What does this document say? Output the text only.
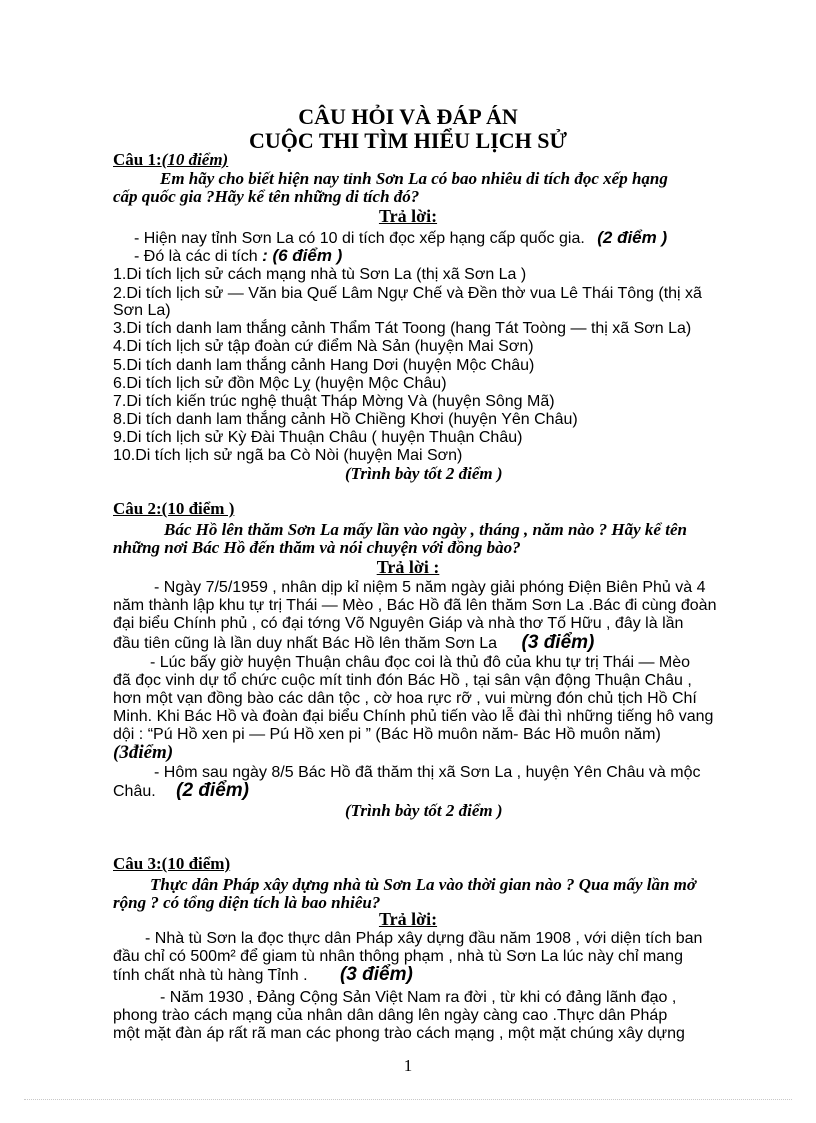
CÂU HỎI VÀ ĐÁP ÁN

CUỘC THI TÌM HIỂU LỊCH SỬ

Câu 1:(10 điểm)

Em hãy cho biết hiện nay tỉnh Sơn La có bao nhiêu di tích đọc xếp hạng

cấp quốc gia ?Hãy kể tên những di tích đó?

Trả lời:

- Hiện nay tỉnh Sơn La có 10 di tích đọc xếp hạng cấp quốc gia. (2 điểm )

- Đó là các di tích : (6 điểm )

1.Di tích lịch sử cách mạng nhà tù Sơn La (thị xã Sơn La )

2.Di tích lịch sử — Văn bia Quế Lâm Ngự Chế và Đền thờ vua Lê Thái Tông (thị xã

Sơn La)

3.Di tích danh lam thắng cảnh Thẩm Tát Toong (hang Tát Toòng — thị xã Sơn La)

4.Di tích lịch sử tập đoàn cứ điểm Nà Sản (huyện Mai Sơn)

5.Di tích danh lam thắng cảnh Hang Dơi (huyện Mộc Châu)

6.Di tích lịch sử đồn Mộc Lỵ (huyện Mộc Châu)

7.Di tích kiến trúc nghệ thuật Tháp Mờng Và (huyện Sông Mã)

8.Di tích danh lam thắng cảnh Hồ Chiềng Khơi (huyện Yên Châu)

9.Di tích lịch sử Kỳ Đài Thuận Châu ( huyện Thuận Châu)

10.Di tích lịch sử ngã ba Cò Nòi (huyện Mai Sơn)

(Trình bày tốt 2 điểm )

Câu 2:(10 điểm )

Bác Hồ lên thăm Sơn La mấy lần vào ngày , tháng , năm nào ? Hãy kể tên

những nơi Bác Hồ đến thăm và nói chuyện với đồng bào?

Trả lời :

- Ngày 7/5/1959 , nhân dịp kỉ niệm 5 năm ngày giải phóng Điện Biên Phủ và 4

năm thành lập khu tự trị Thái — Mèo , Bác Hồ đã lên thăm Sơn La .Bác đi cùng đoàn

đại biểu Chính phủ , có đại tớng Võ Nguyên Giáp và nhà thơ Tố Hữu , đây là lần

đầu tiên cũng là lần duy nhất Bác Hồ lên thăm Sơn La (3 điểm)

- Lúc bấy giờ huyện Thuận châu đọc coi là thủ đô của khu tự trị Thái — Mèo

đã đọc vinh dự tổ chức cuộc mít tinh đón Bác Hồ , tại sân vận động Thuận Châu ,

hơn một vạn đồng bào các dân tộc , cờ hoa rực rỡ , vui mừng đón chủ tịch Hồ Chí

Minh. Khi Bác Hồ và đoàn đại biểu Chính phủ tiến vào lễ đài thì những tiếng hô vang

dội : “Pú Hồ xen pi — Pú Hồ xen pi ” (Bác Hồ muôn năm- Bác Hồ muôn năm)

(3điểm)

- Hôm sau ngày 8/5 Bác Hồ đã thăm thị xã Sơn La , huyện Yên Châu và mộc

Châu. (2 điểm)

(Trình bày tốt 2 điểm )

Câu 3:(10 điểm)

Thực dân Pháp xây dựng nhà tù Sơn La vào thời gian nào ? Qua mấy lần mở

rộng ? có tổng diện tích là bao nhiêu?

Trả lời:

- Nhà tù Sơn la đọc thực dân Pháp xây dựng đầu năm 1908 , với diện tích ban

đầu chỉ có 500m² để giam tù nhân thông phạm , nhà tù Sơn La lúc này chỉ mang

tính chất nhà tù hàng Tỉnh . (3 điểm)

- Năm 1930 , Đảng Cộng Sản Việt Nam ra đời , từ khi có đảng lãnh đạo ,

phong trào cách mạng của nhân dân dâng lên ngày càng cao .Thực dân Pháp

một mặt đàn áp rất rã man các phong trào cách mạng , một mặt chúng xây dựng

1
